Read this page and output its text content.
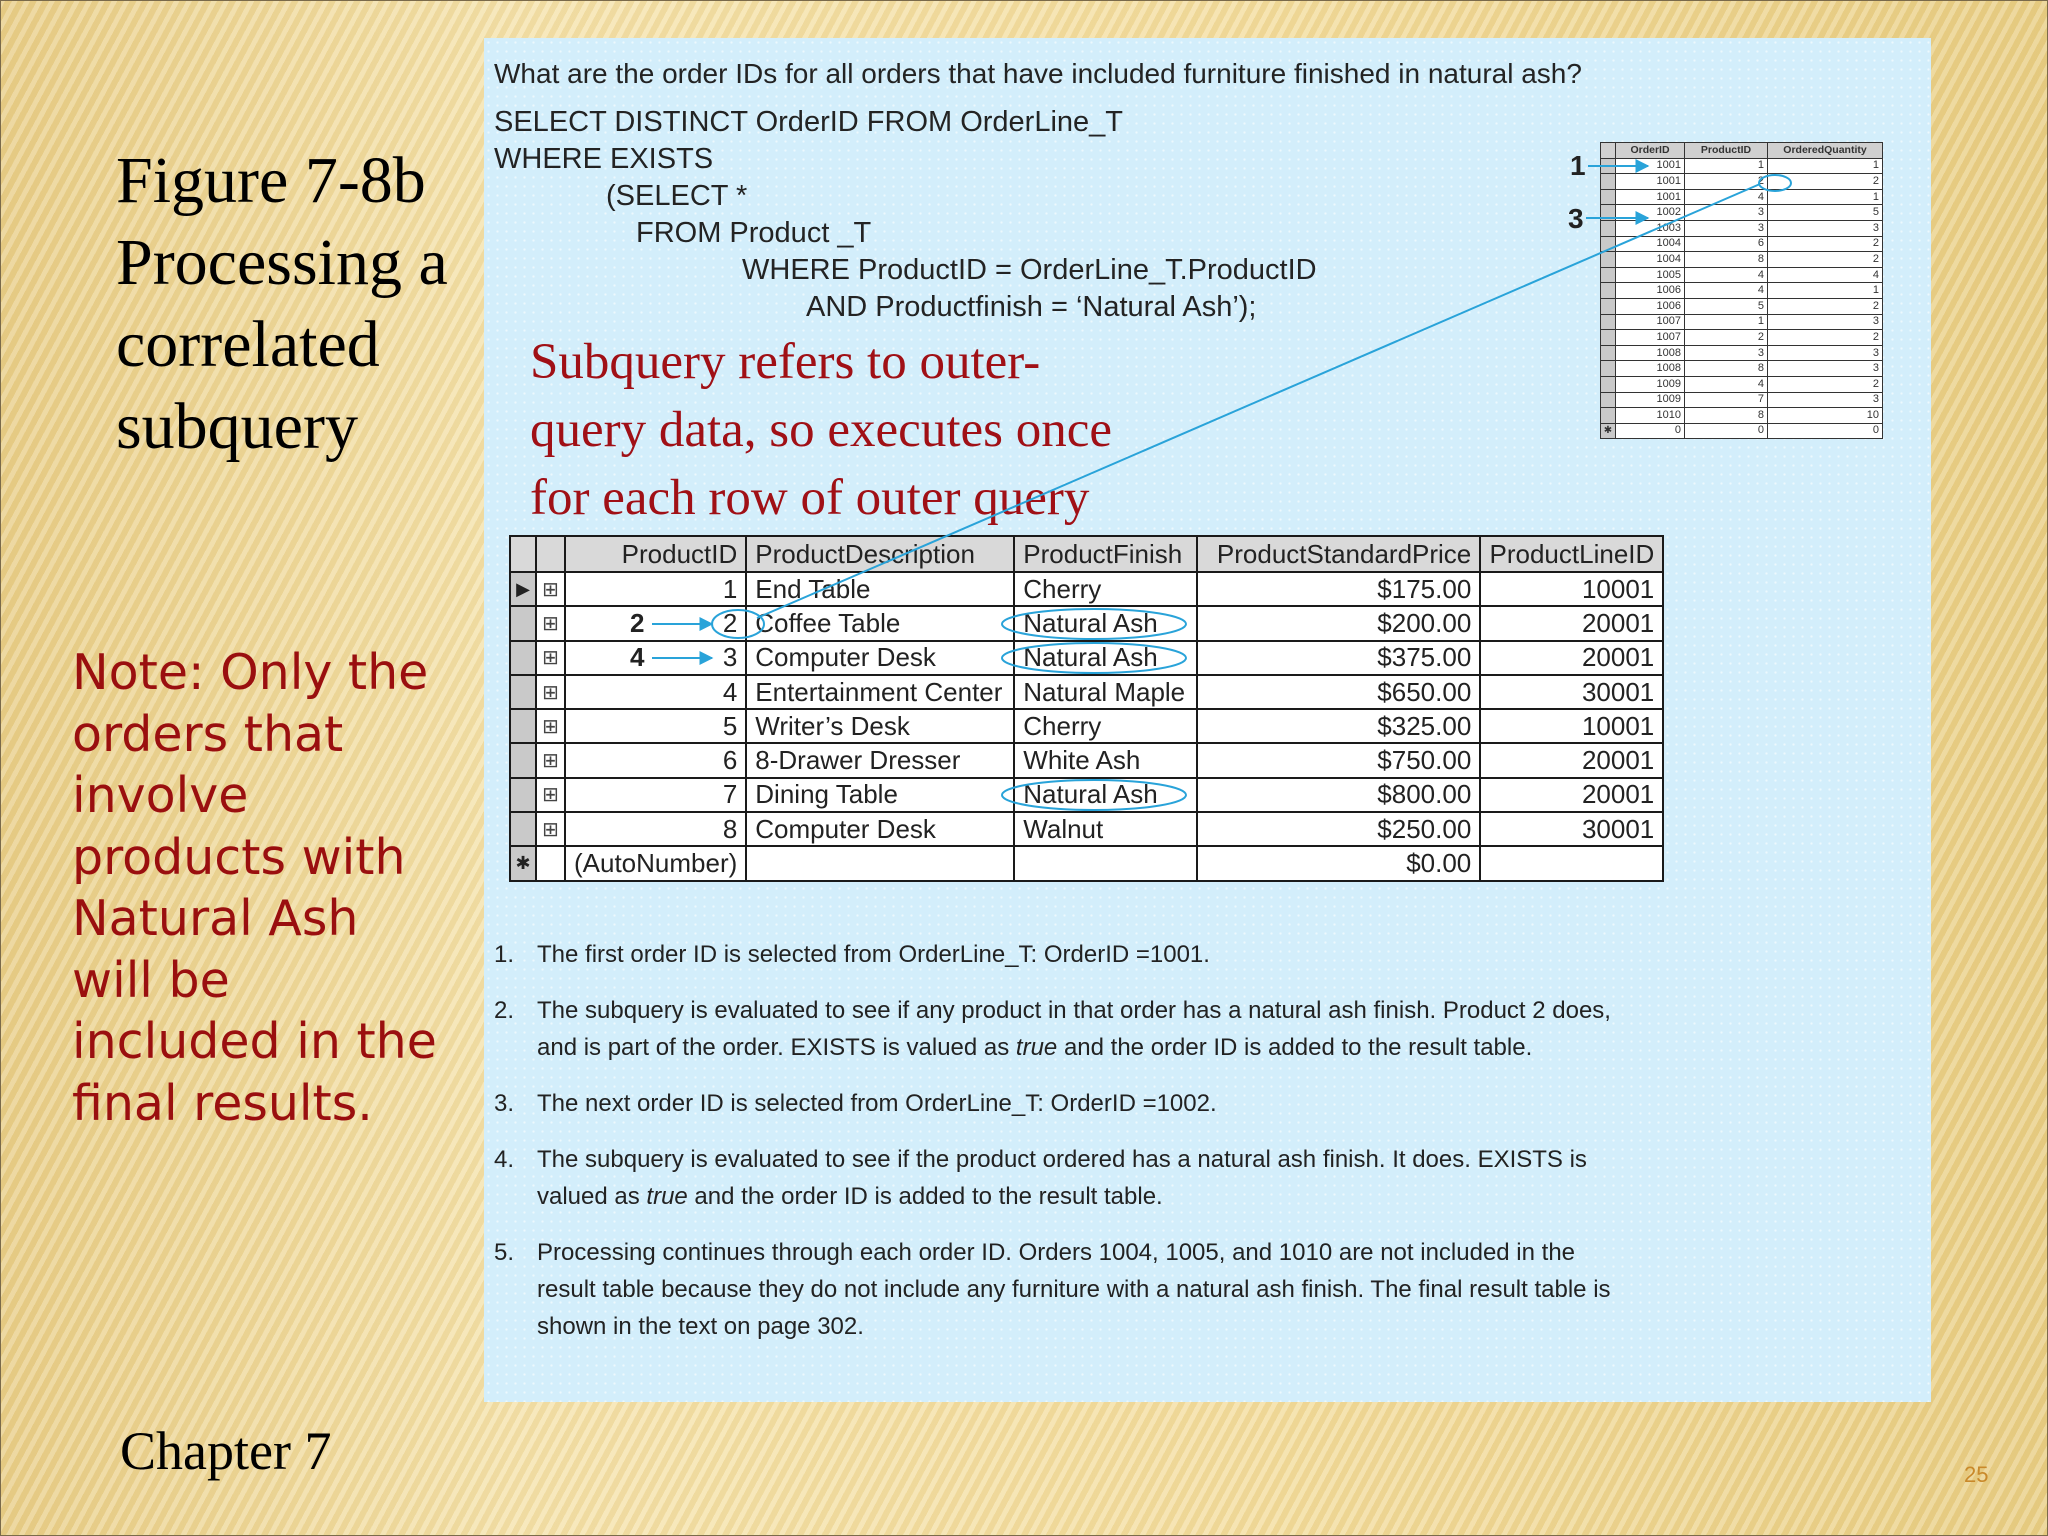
Figure 7-8b
Processing a
correlated
subquery
Note: Only the
orders that
involve
products with
Natural Ash
will be
included in the
final results.
Chapter 7	25
What are the order IDs for all orders that have included furniture finished in natural ash?
SELECT DISTINCT OrderID FROM OrderLine_T
WHERE EXISTS
(SELECT *
FROM Product _T
WHERE ProductID = OrderLine_T.ProductID
AND Productfinish = ‘Natural Ash’);
Subquery refers to outer-
query data, so executes once
for each row of outer query
	OrderID	ProductID	OrderedQuantity
	1001	1	1
	1001	2	2
	1001	4	1
	1002	3	5
	1003	3	3
	1004	6	2
	1004	8	2
	1005	4	4
	1006	4	1
	1006	5	2
	1007	1	3
	1007	2	2
	1008	3	3
	1008	8	3
	1009	4	2
	1009	7	3
	1010	8	10
✱	0	0	0
1
3
		ProductID	ProductDescription	ProductFinish	ProductStandardPrice	ProductLineID
▶	⊞	1	End Table	Cherry	$175.00	10001
	⊞	2	Coffee Table	Natural Ash	$200.00	20001
	⊞	3	Computer Desk	Natural Ash	$375.00	20001
	⊞	4	Entertainment Center	Natural Maple	$650.00	30001
	⊞	5	Writer’s Desk	Cherry	$325.00	10001
	⊞	6	8-Drawer Dresser	White Ash	$750.00	20001
	⊞	7	Dining Table	Natural Ash	$800.00	20001
	⊞	8	Computer Desk	Walnut	$250.00	30001
✱		(AutoNumber)			$0.00	
2
4
1. The first order ID is selected from OrderLine_T: OrderID =1001.
2. The subquery is evaluated to see if any product in that order has a natural ash finish. Product 2 does, and is part of the order. EXISTS is valued as true and the order ID is added to the result table.
3. The next order ID is selected from OrderLine_T: OrderID =1002.
4. The subquery is evaluated to see if the product ordered has a natural ash finish. It does. EXISTS is valued as true and the order ID is added to the result table.
5. Processing continues through each order ID. Orders 1004, 1005, and 1010 are not included in the result table because they do not include any furniture with a natural ash finish. The final result table is shown in the text on page 302.
